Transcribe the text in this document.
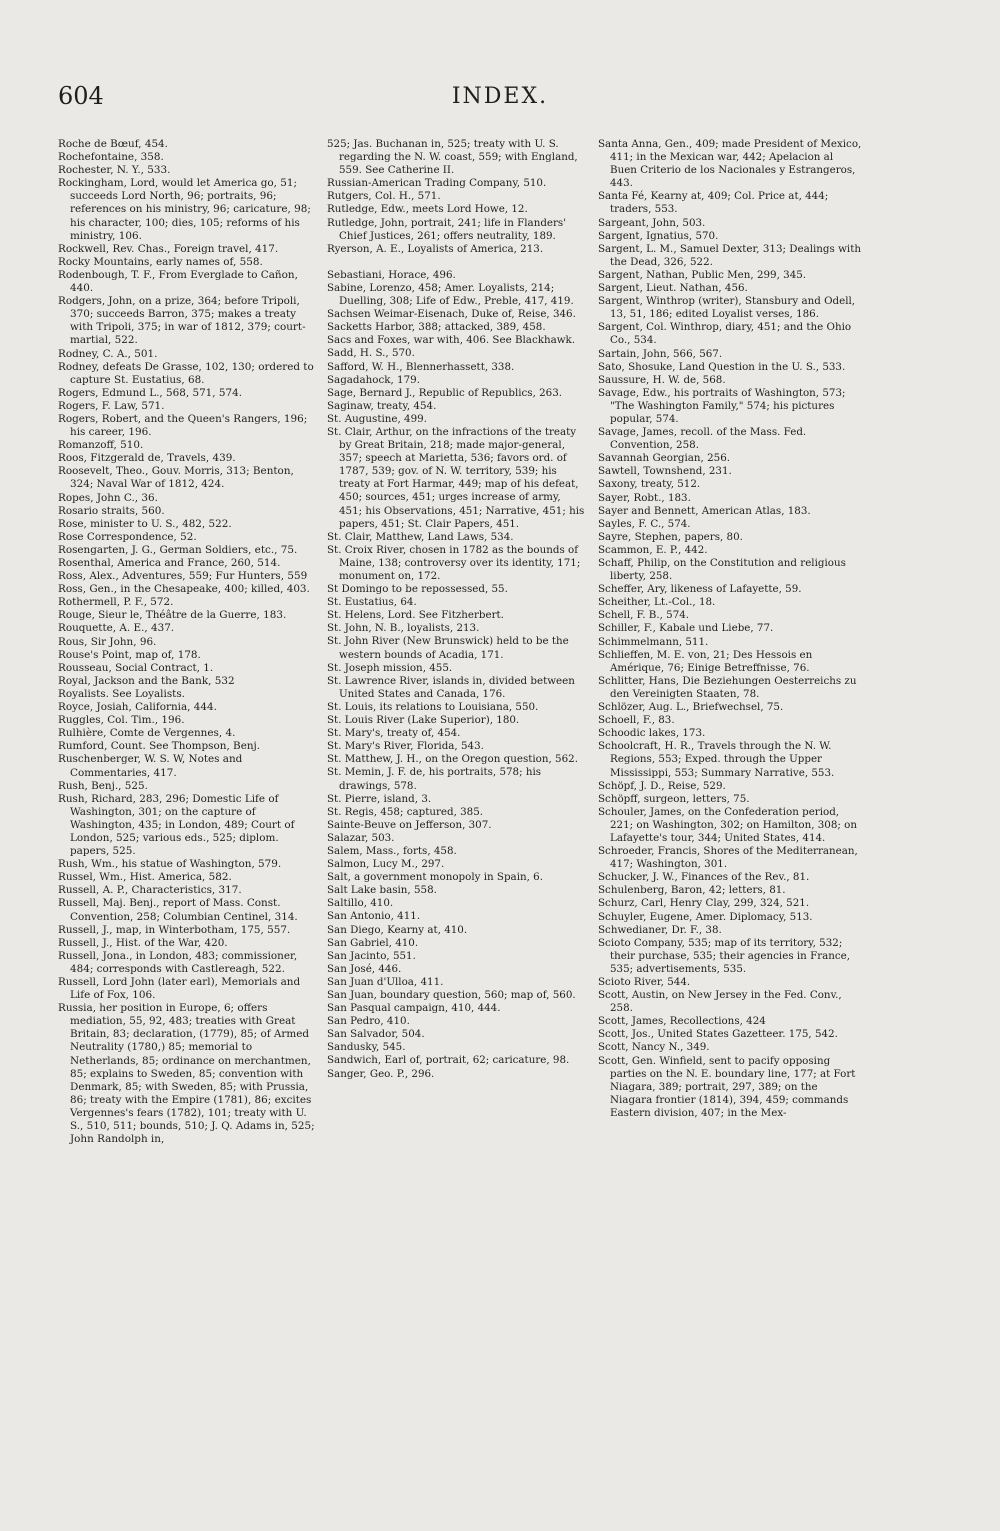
604	INDEX.
Roche de Bœuf, 454.
Rochefontaine, 358.
Rochester, N. Y., 533.
Rockingham, Lord, would let America go, 51; succeeds Lord North, 96; portraits, 96; references on his ministry, 96; caricature, 98; his character, 100; dies, 105; reforms of his ministry, 106.
Rockwell, Rev. Chas., Foreign travel, 417.
Rocky Mountains, early names of, 558.
Rodenbough, T. F., From Everglade to Cañon, 440.
Rodgers, John, on a prize, 364; before Tripoli, 370; succeeds Barron, 375; makes a treaty with Tripoli, 375; in war of 1812, 379; court-martial, 522.
Rodney, C. A., 501.
Rodney, defeats De Grasse, 102, 130; ordered to capture St. Eustatius, 68.
Rogers, Edmund L., 568, 571, 574.
Rogers, F. Law, 571.
Rogers, Robert, and the Queen's Rangers, 196; his career, 196.
Romanzoff, 510.
Roos, Fitzgerald de, Travels, 439.
Roosevelt, Theo., Gouv. Morris, 313; Benton, 324; Naval War of 1812, 424.
Ropes, John C., 36.
Rosario straits, 560.
Rose, minister to U. S., 482, 522.
Rose Correspondence, 52.
Rosengarten, J. G., German Soldiers, etc., 75.
Rosenthal, America and France, 260, 514.
Ross, Alex., Adventures, 559; Fur Hunters, 559
Ross, Gen., in the Chesapeake, 400; killed, 403.
Rothermell, P. F., 572.
Rouge, Sieur le, Théâtre de la Guerre, 183.
Rouquette, A. E., 437.
Rous, Sir John, 96.
Rouse's Point, map of, 178.
Rousseau, Social Contract, 1.
Royal, Jackson and the Bank, 532
Royalists. See Loyalists.
Royce, Josiah, California, 444.
Ruggles, Col. Tim., 196.
Rulhière, Comte de Vergennes, 4.
Rumford, Count. See Thompson, Benj.
Ruschenberger, W. S. W, Notes and Commentaries, 417.
Rush, Benj., 525.
Rush, Richard, 283, 296; Domestic Life of Washington, 301; on the capture of Washington, 435; in London, 489; Court of London, 525; various eds., 525; diplom. papers, 525.
Rush, Wm., his statue of Washington, 579.
Russel, Wm., Hist. America, 582.
Russell, A. P., Characteristics, 317.
Russell, Maj. Benj., report of Mass. Const. Convention, 258; Columbian Centinel, 314.
Russell, J., map, in Winterbotham, 175, 557.
Russell, J., Hist. of the War, 420.
Russell, Jona., in London, 483; commissioner, 484; corresponds with Castlereagh, 522.
Russell, Lord John (later earl), Memorials and Life of Fox, 106.
Russia, her position in Europe, 6; offers mediation, 55, 92, 483; treaties with Great Britain, 83; declaration, (1779), 85; of Armed Neutrality (1780,) 85; memorial to Netherlands, 85; ordinance on merchantmen, 85; explains to Sweden, 85; convention with Denmark, 85; with Sweden, 85; with Prussia, 86; treaty with the Empire (1781), 86; excites Vergennes's fears (1782), 101; treaty with U. S., 510, 511; bounds, 510; J. Q. Adams in, 525; John Randolph in,
525; Jas. Buchanan in, 525; treaty with U. S. regarding the N. W. coast, 559; with England, 559. See Catherine II.
Russian-American Trading Company, 510.
Rutgers, Col. H., 571.
Rutledge, Edw., meets Lord Howe, 12.
Rutledge, John, portrait, 241; life in Flanders' Chief Justices, 261; offers neutrality, 189.
Ryerson, A. E., Loyalists of America, 213.
Sebastiani, Horace, 496.
Sabine, Lorenzo, 458; Amer. Loyalists, 214; Duelling, 308; Life of Edw., Preble, 417, 419.
Sachsen Weimar-Eisenach, Duke of, Reise, 346.
Sacketts Harbor, 388; attacked, 389, 458.
Sacs and Foxes, war with, 406. See Blackhawk.
Sadd, H. S., 570.
Safford, W. H., Blennerhassett, 338.
Sagadahock, 179.
Sage, Bernard J., Republic of Republics, 263.
Saginaw, treaty, 454.
St. Augustine, 499.
St. Clair, Arthur, on the infractions of the treaty by Great Britain, 218; made major-general, 357; speech at Marietta, 536; favors ord. of 1787, 539; gov. of N. W. territory, 539; his treaty at Fort Harmar, 449; map of his defeat, 450; sources, 451; urges increase of army, 451; his Observations, 451; Narrative, 451; his papers, 451; St. Clair Papers, 451.
St. Clair, Matthew, Land Laws, 534.
St. Croix River, chosen in 1782 as the bounds of Maine, 138; controversy over its identity, 171; monument on, 172.
St Domingo to be repossessed, 55.
St. Eustatius, 64.
St. Helens, Lord. See Fitzherbert.
St. John, N. B., loyalists, 213.
St. John River (New Brunswick) held to be the western bounds of Acadia, 171.
St. Joseph mission, 455.
St. Lawrence River, islands in, divided between United States and Canada, 176.
St. Louis, its relations to Louisiana, 550.
St. Louis River (Lake Superior), 180.
St. Mary's, treaty of, 454.
St. Mary's River, Florida, 543.
St. Matthew, J. H., on the Oregon question, 562.
St. Memin, J. F. de, his portraits, 578; his drawings, 578.
St. Pierre, island, 3.
St. Regis, 458; captured, 385.
Sainte-Beuve on Jefferson, 307.
Salazar, 503.
Salem, Mass., forts, 458.
Salmon, Lucy M., 297.
Salt, a government monopoly in Spain, 6.
Salt Lake basin, 558.
Saltillo, 410.
San Antonio, 411.
San Diego, Kearny at, 410.
San Gabriel, 410.
San Jacinto, 551.
San José, 446.
San Juan d'Ulloa, 411.
San Juan, boundary question, 560; map of, 560.
San Pasqual campaign, 410, 444.
San Pedro, 410.
San Salvador, 504.
Sandusky, 545.
Sandwich, Earl of, portrait, 62; caricature, 98.
Sanger, Geo. P., 296.
Santa Anna, Gen., 409; made President of Mexico, 411; in the Mexican war, 442; Apelacion al Buen Criterio de los Nacionales y Estrangeros, 443.
Santa Fé, Kearny at, 409; Col. Price at, 444; traders, 553.
Sargeant, John, 503.
Sargent, Ignatius, 570.
Sargent, L. M., Samuel Dexter, 313; Dealings with the Dead, 326, 522.
Sargent, Nathan, Public Men, 299, 345.
Sargent, Lieut. Nathan, 456.
Sargent, Winthrop (writer), Stansbury and Odell, 13, 51, 186; edited Loyalist verses, 186.
Sargent, Col. Winthrop, diary, 451; and the Ohio Co., 534.
Sartain, John, 566, 567.
Sato, Shosuke, Land Question in the U. S., 533.
Saussure, H. W. de, 568.
Savage, Edw., his portraits of Washington, 573; "The Washington Family," 574; his pictures popular, 574.
Savage, James, recoll. of the Mass. Fed. Convention, 258.
Savannah Georgian, 256.
Sawtell, Townshend, 231.
Saxony, treaty, 512.
Sayer, Robt., 183.
Sayer and Bennett, American Atlas, 183.
Sayles, F. C., 574.
Sayre, Stephen, papers, 80.
Scammon, E. P., 442.
Schaff, Philip, on the Constitution and religious liberty, 258.
Scheffer, Ary, likeness of Lafayette, 59.
Scheither, Lt.-Col., 18.
Schell, F. B., 574.
Schiller, F., Kabale und Liebe, 77.
Schimmelmann, 511.
Schlieffen, M. E. von, 21; Des Hessois en Amérique, 76; Einige Betreffnisse, 76.
Schlitter, Hans, Die Beziehungen Oesterreichs zu den Vereinigten Staaten, 78.
Schlözer, Aug. L., Briefwechsel, 75.
Schoell, F., 83.
Schoodic lakes, 173.
Schoolcraft, H. R., Travels through the N. W. Regions, 553; Exped. through the Upper Mississippi, 553; Summary Narrative, 553.
Schöpf, J. D., Reise, 529.
Schöpff, surgeon, letters, 75.
Schouler, James, on the Confederation period, 221; on Washington, 302; on Hamilton, 308; on Lafayette's tour, 344; United States, 414.
Schroeder, Francis, Shores of the Mediterranean, 417; Washington, 301.
Schucker, J. W., Finances of the Rev., 81.
Schulenberg, Baron, 42; letters, 81.
Schurz, Carl, Henry Clay, 299, 324, 521.
Schuyler, Eugene, Amer. Diplomacy, 513.
Schwedianer, Dr. F., 38.
Scioto Company, 535; map of its territory, 532; their purchase, 535; their agencies in France, 535; advertisements, 535.
Scioto River, 544.
Scott, Austin, on New Jersey in the Fed. Conv., 258.
Scott, James, Recollections, 424
Scott, Jos., United States Gazetteer. 175, 542.
Scott, Nancy N., 349.
Scott, Gen. Winfield, sent to pacify opposing parties on the N. E. boundary line, 177; at Fort Niagara, 389; portrait, 297, 389; on the Niagara frontier (1814), 394, 459; commands Eastern division, 407; in the Mex-
